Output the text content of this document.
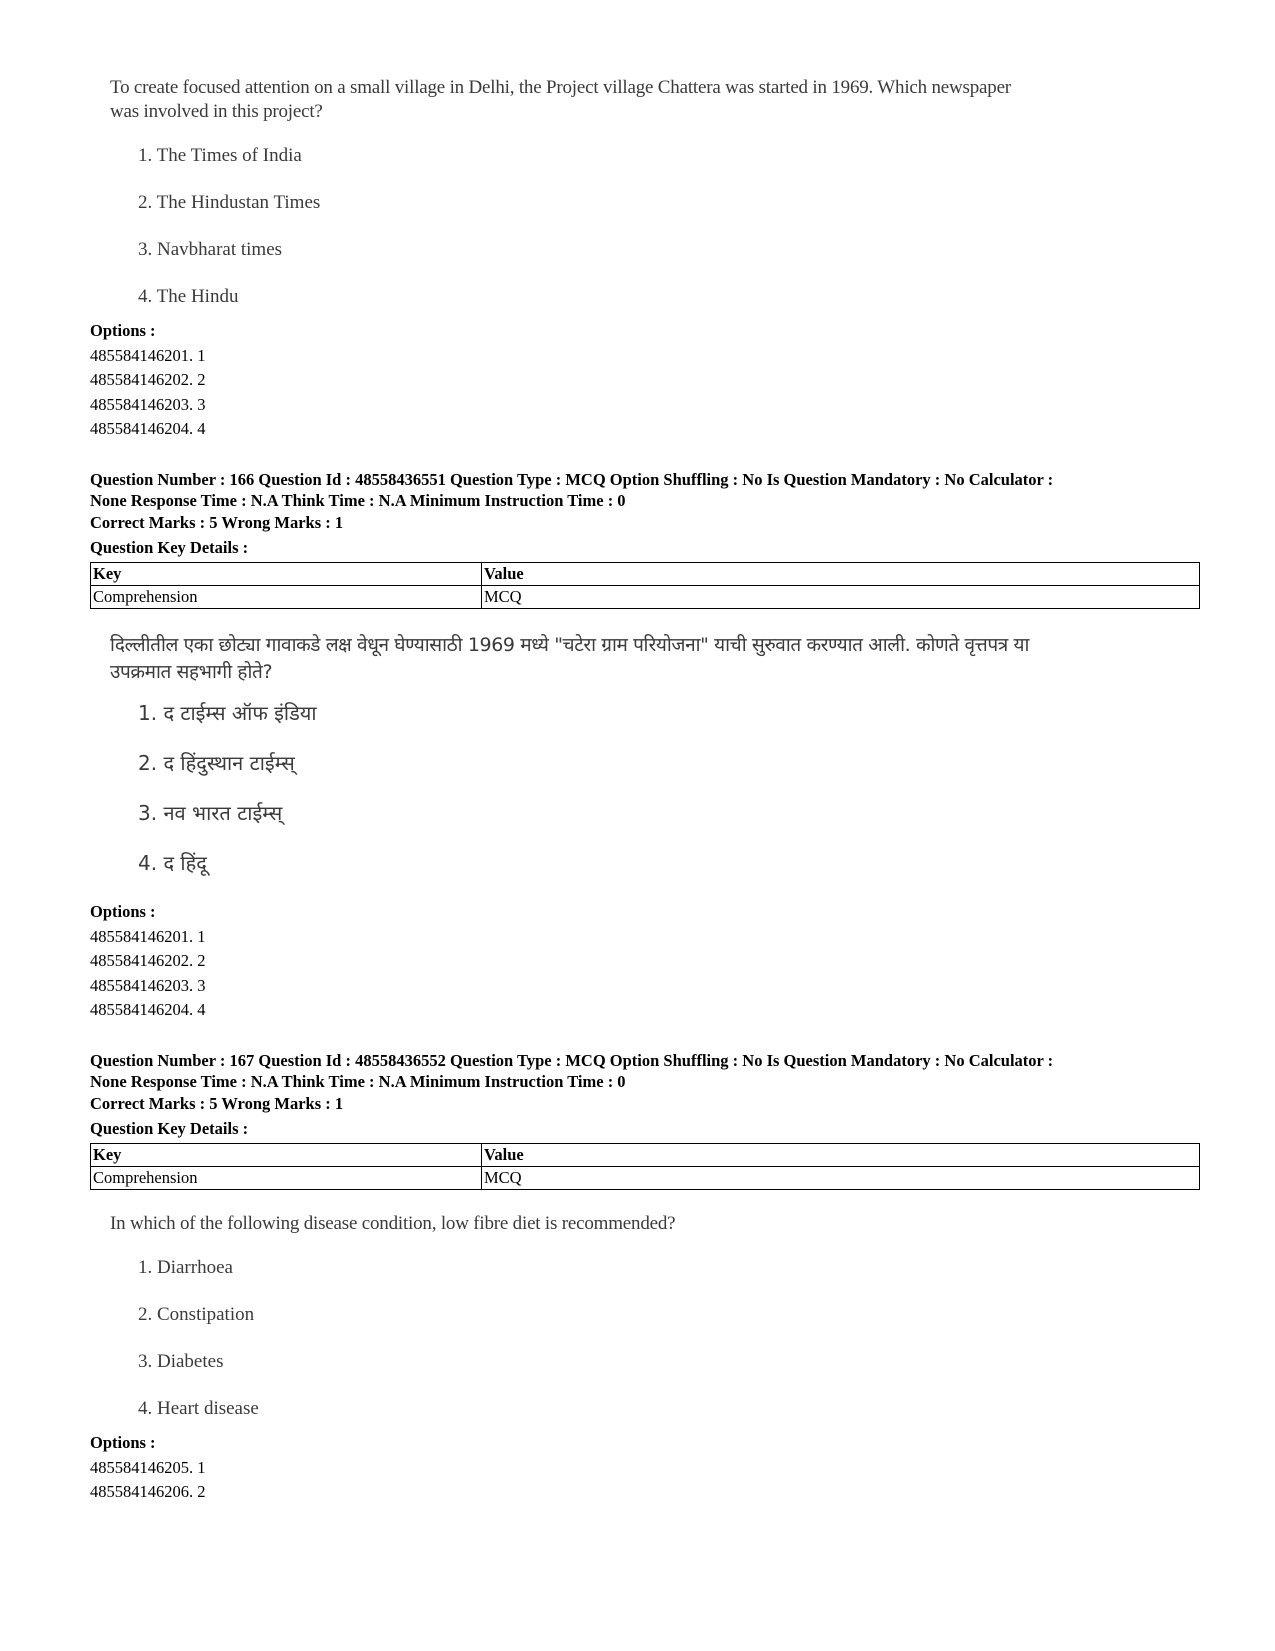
To create focused attention on a small village in Delhi, the Project village Chattera was started in 1969. Which newspaper was involved in this project?
1. The Times of India
2. The Hindustan Times
3. Navbharat times
4. The Hindu
Options :
485584146201. 1
485584146202. 2
485584146203. 3
485584146204. 4
Question Number : 166 Question Id : 48558436551 Question Type : MCQ Option Shuffling : No Is Question Mandatory : No Calculator :
None Response Time : N.A Think Time : N.A Minimum Instruction Time : 0
Correct Marks : 5 Wrong Marks : 1
Question Key Details :
Key	Value
Comprehension	MCQ
दिल्लीतील एका छोट्या गावाकडे लक्ष वेधून घेण्यासाठी 1969 मध्ये "चटेरा ग्राम परियोजना" याची सुरुवात करण्यात आली. कोणते वृत्तपत्र या उपक्रमात सहभागी होते?
1. द टाईम्स ऑफ इंडिया
2. द हिंदुस्थान टाईम्स्
3. नव भारत टाईम्स्
4. द हिंदू
Options :
485584146201. 1
485584146202. 2
485584146203. 3
485584146204. 4
Question Number : 167 Question Id : 48558436552 Question Type : MCQ Option Shuffling : No Is Question Mandatory : No Calculator :
None Response Time : N.A Think Time : N.A Minimum Instruction Time : 0
Correct Marks : 5 Wrong Marks : 1
Question Key Details :
Key	Value
Comprehension	MCQ
In which of the following disease condition, low fibre diet is recommended?
1. Diarrhoea
2. Constipation
3. Diabetes
4. Heart disease
Options :
485584146205. 1
485584146206. 2
